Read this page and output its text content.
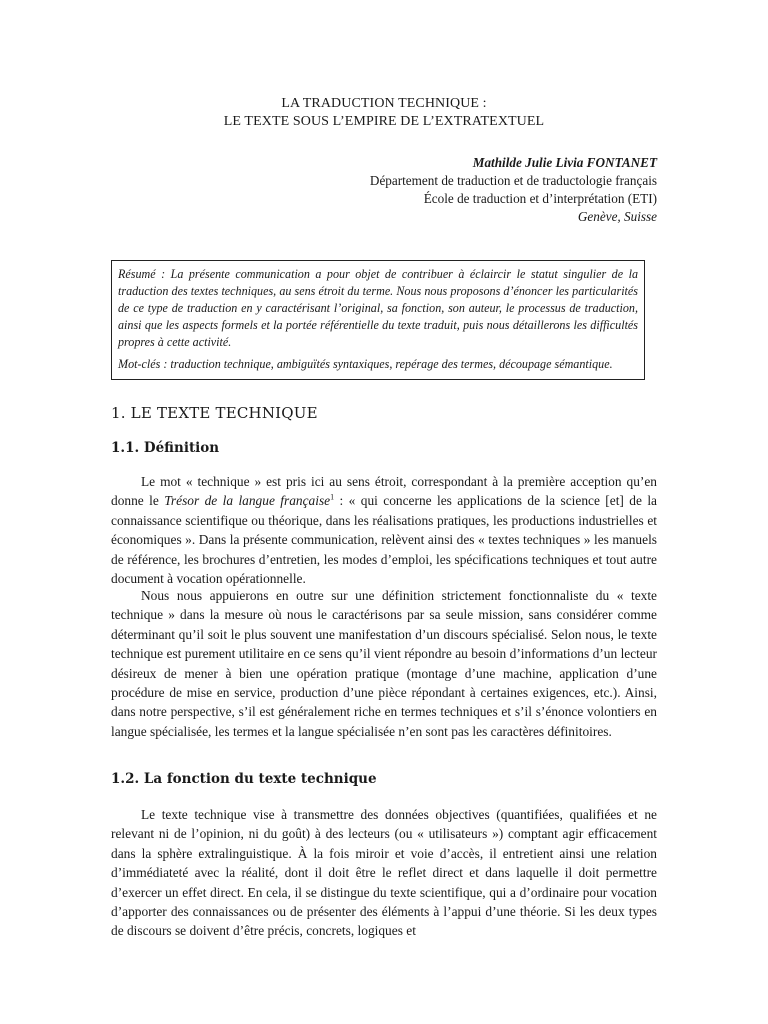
LA TRADUCTION TECHNIQUE :
LE TEXTE SOUS L’EMPIRE DE L’EXTRATEXTUEL
Mathilde Julie Livia FONTANET
Département de traduction et de traductologie français
École de traduction et d’interprétation (ETI)
Genève, Suisse

Résumé : La présente communication a pour objet de contribuer à éclaircir le statut singulier de la traduction des textes techniques, au sens étroit du terme. Nous nous proposons d’énoncer les particularités de ce type de traduction en y caractérisant l’original, sa fonction, son auteur, le processus de traduction, ainsi que les aspects formels et la portée référentielle du texte traduit, puis nous détaillerons les difficultés propres à cette activité.

Mot-clés : traduction technique, ambiguïtés syntaxiques, repérage des termes, découpage sémantique.

1. LE TEXTE TECHNIQUE
1.1. Définition

Le mot « technique » est pris ici au sens étroit, correspondant à la première acception qu’en donne le Trésor de la langue française$^1$ : « qui concerne les applications de la science [et] de la connaissance scientifique ou théorique, dans les réalisations pratiques, les productions industrielles et économiques ». Dans la présente communication, relèvent ainsi des « textes techniques » les manuels de référence, les brochures d’entretien, les modes d’emploi, les spécifications techniques et tout autre document à vocation opérationnelle.

Nous nous appuierons en outre sur une définition strictement fonctionnaliste du « texte technique » dans la mesure où nous le caractérisons par sa seule mission, sans considérer comme déterminant qu’il soit le plus souvent une manifestation d’un discours spécialisé. Selon nous, le texte technique est purement utilitaire en ce sens qu’il vient répondre au besoin d’informations d’un lecteur désireux de mener à bien une opération pratique (montage d’une machine, application d’une procédure de mise en service, production d’une pièce répondant à certaines exigences, etc.). Ainsi, dans notre perspective, s’il est généralement riche en termes techniques et s’il s’énonce volontiers en langue spécialisée, les termes et la langue spécialisée n’en sont pas les caractères définitoires.

1.2. La fonction du texte technique

Le texte technique vise à transmettre des données objectives (quantifiées, qualifiées et ne relevant ni de l’opinion, ni du goût) à des lecteurs (ou « utilisateurs ») comptant agir efficacement dans la sphère extralinguistique. À la fois miroir et voie d’accès, il entretient ainsi une relation d’immédiateté avec la réalité, dont il doit être le reflet direct et dans laquelle il doit permettre d’exercer un effet direct. En cela, il se distingue du texte scientifique, qui a d’ordinaire pour vocation d’apporter des connaissances ou de présenter des éléments à l’appui d’une théorie. Si les deux types de discours se doivent d’être précis, concrets, logiques et
